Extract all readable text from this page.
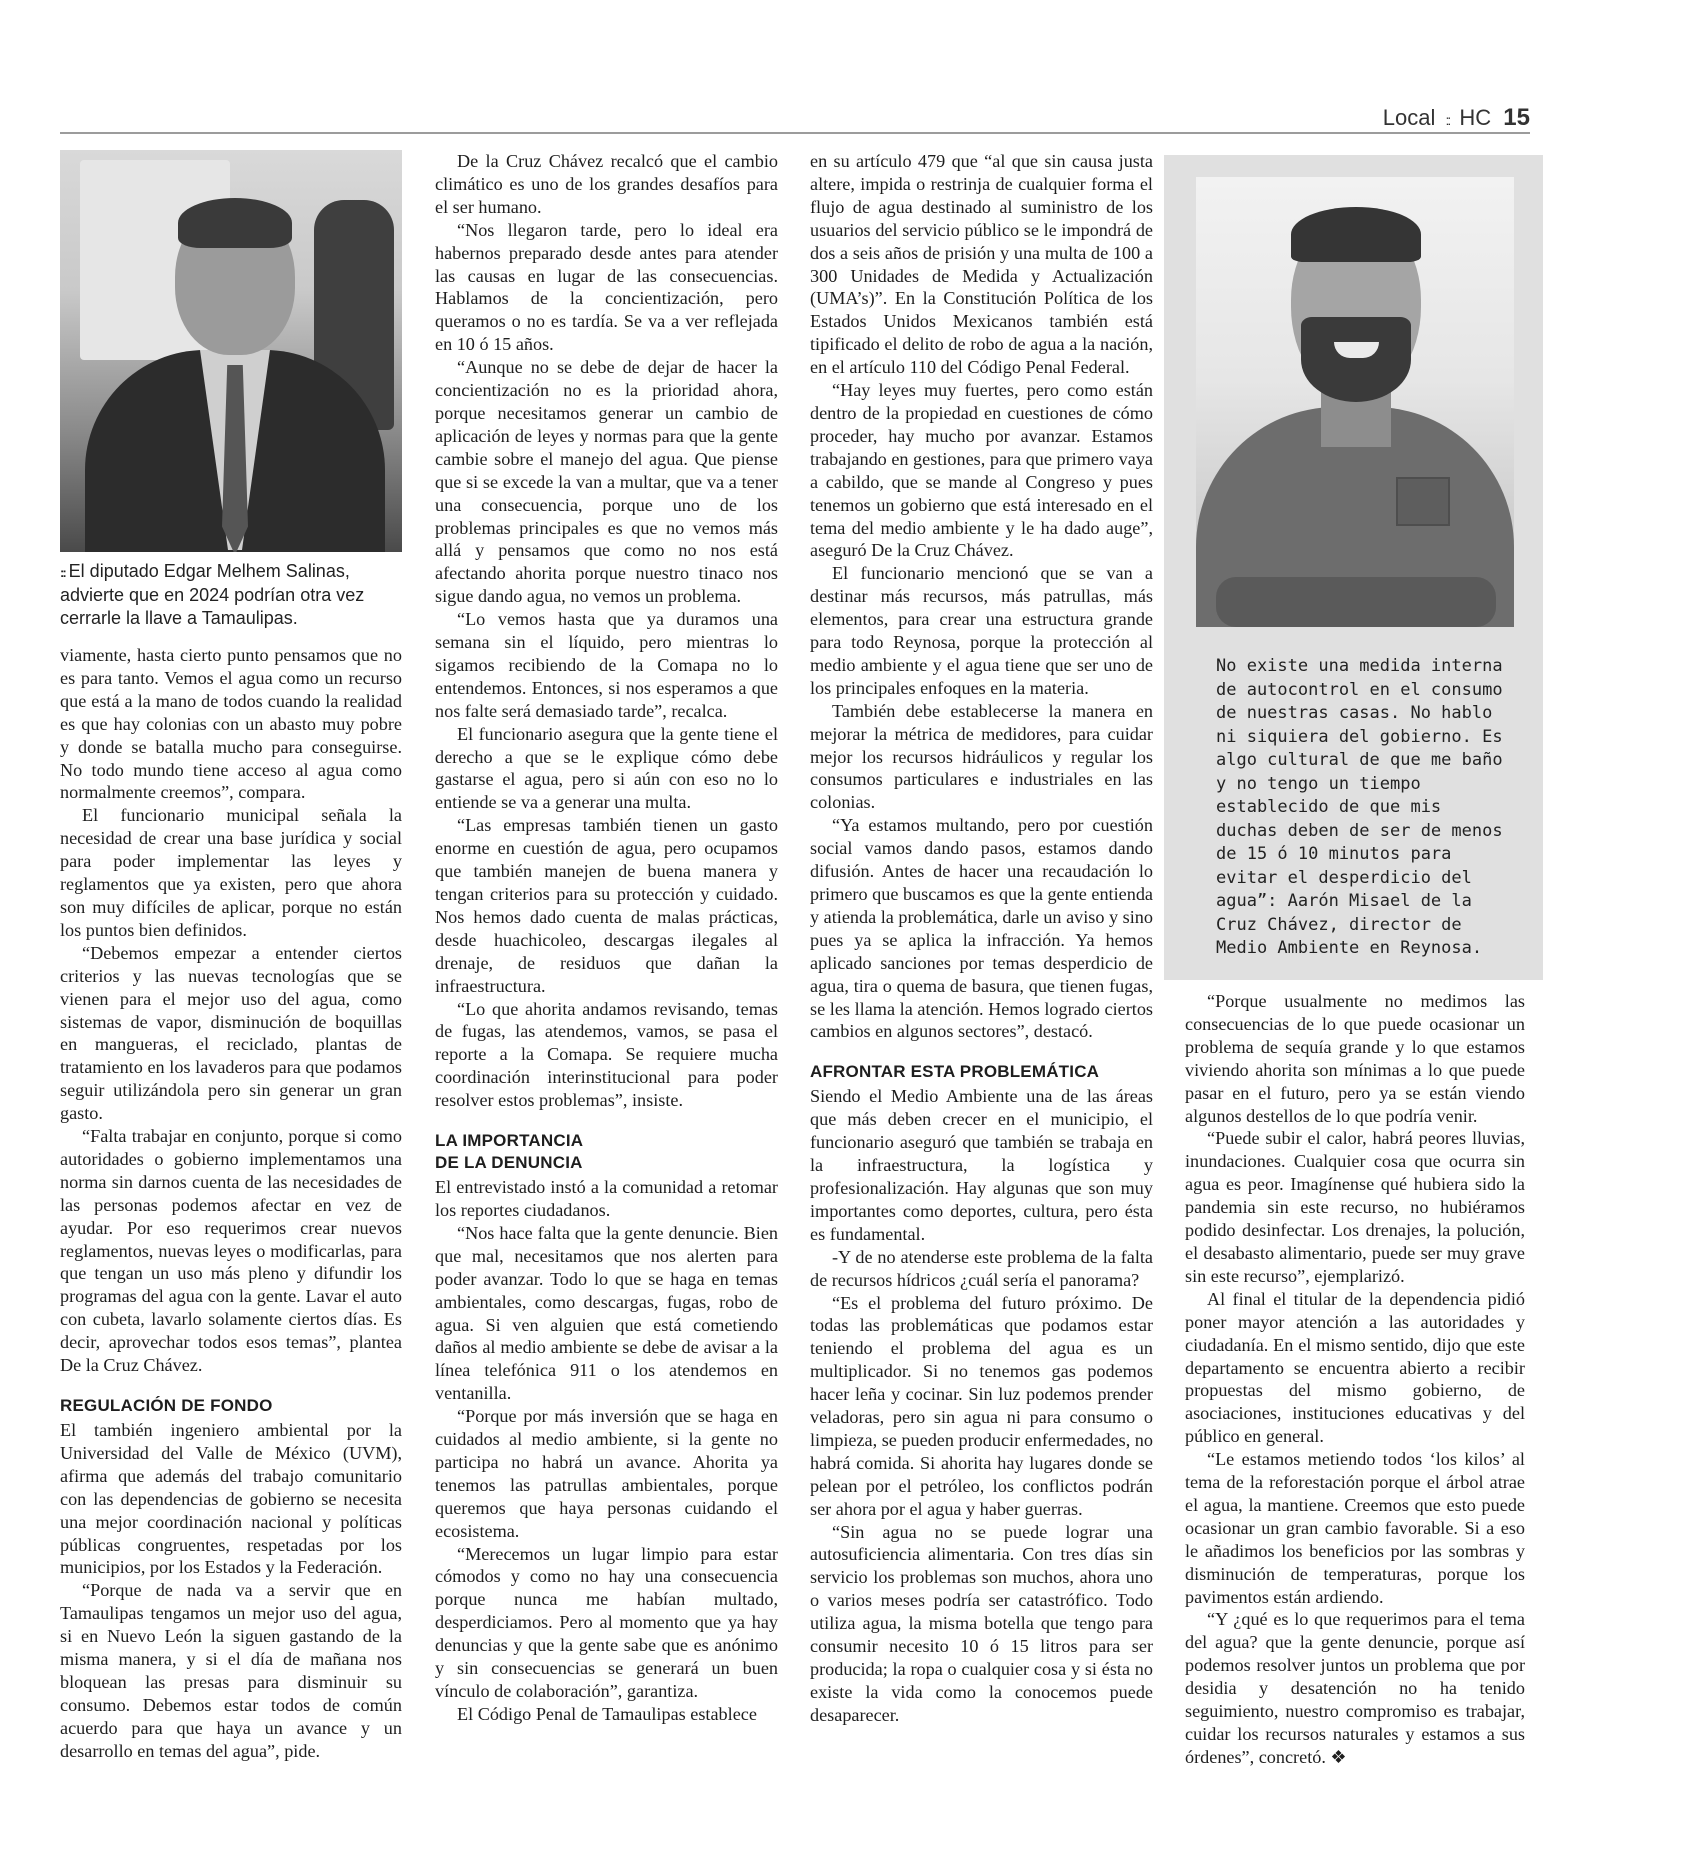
Local :: HC 15
:: El diputado Edgar Melhem Salinas, advierte que en 2024 podrían otra vez cerrarle la llave a Tamaulipas.

viamente, hasta cierto punto pensamos que no es para tanto. Vemos el agua como un recurso que está a la mano de todos cuando la realidad es que hay colonias con un abasto muy pobre y donde se batalla mucho para conseguirse. No todo mundo tiene acceso al agua como normalmente creemos”, compara.

El funcionario municipal señala la necesidad de crear una base jurídica y social para poder implementar las leyes y reglamentos que ya existen, pero que ahora son muy difíciles de aplicar, porque no están los puntos bien definidos.

“Debemos empezar a entender ciertos criterios y las nuevas tecnologías que se vienen para el mejor uso del agua, como sistemas de vapor, disminución de boquillas en mangueras, el reciclado, plantas de tratamiento en los lavaderos para que podamos seguir utilizándola pero sin generar un gran gasto.

“Falta trabajar en conjunto, porque si como autoridades o gobierno implementamos una norma sin darnos cuenta de las necesidades de las personas podemos afectar en vez de ayudar. Por eso requerimos crear nuevos reglamentos, nuevas leyes o modificarlas, para que tengan un uso más pleno y difundir los programas del agua con la gente. Lavar el auto con cubeta, lavarlo solamente ciertos días. Es decir, aprovechar todos esos temas”, plantea De la Cruz Chávez.

REGULACIÓN DE FONDO

El también ingeniero ambiental por la Universidad del Valle de México (UVM), afirma que además del trabajo comunitario con las dependencias de gobierno se necesita una mejor coordinación nacional y políticas públicas congruentes, respetadas por los municipios, por los Estados y la Federación.

“Porque de nada va a servir que en Tamaulipas tengamos un mejor uso del agua, si en Nuevo León la siguen gastando de la misma manera, y si el día de mañana nos bloquean las presas para disminuir su consumo. Debemos estar todos de común acuerdo para que haya un avance y un desarrollo en temas del agua”, pide.

De la Cruz Chávez recalcó que el cambio climático es uno de los grandes desafíos para el ser humano.

“Nos llegaron tarde, pero lo ideal era habernos preparado desde antes para atender las causas en lugar de las consecuencias. Hablamos de la concientización, pero queramos o no es tardía. Se va a ver reflejada en 10 ó 15 años.

“Aunque no se debe de dejar de hacer la concientización no es la prioridad ahora, porque necesitamos generar un cambio de aplicación de leyes y normas para que la gente cambie sobre el manejo del agua. Que piense que si se excede la van a multar, que va a tener una consecuencia, porque uno de los problemas principales es que no vemos más allá y pensamos que como no nos está afectando ahorita porque nuestro tinaco nos sigue dando agua, no vemos un problema.

“Lo vemos hasta que ya duramos una semana sin el líquido, pero mientras lo sigamos recibiendo de la Comapa no lo entendemos. Entonces, si nos esperamos a que nos falte será demasiado tarde”, recalca.

El funcionario asegura que la gente tiene el derecho a que se le explique cómo debe gastarse el agua, pero si aún con eso no lo entiende se va a generar una multa.

“Las empresas también tienen un gasto enorme en cuestión de agua, pero ocupamos que también manejen de buena manera y tengan criterios para su protección y cuidado. Nos hemos dado cuenta de malas prácticas, desde huachicoleo, descargas ilegales al drenaje, de residuos que dañan la infraestructura.

“Lo que ahorita andamos revisando, temas de fugas, las atendemos, vamos, se pasa el reporte a la Comapa. Se requiere mucha coordinación interinstitucional para poder resolver estos problemas”, insiste.

LA IMPORTANCIA
DE LA DENUNCIA

El entrevistado instó a la comunidad a retomar los reportes ciudadanos.

“Nos hace falta que la gente denuncie. Bien que mal, necesitamos que nos alerten para poder avanzar. Todo lo que se haga en temas ambientales, como descargas, fugas, robo de agua. Si ven alguien que está cometiendo daños al medio ambiente se debe de avisar a la línea telefónica 911 o los atendemos en ventanilla.

“Porque por más inversión que se haga en cuidados al medio ambiente, si la gente no participa no habrá un avance. Ahorita ya tenemos las patrullas ambientales, porque queremos que haya personas cuidando el ecosistema.

“Merecemos un lugar limpio para estar cómodos y como no hay una consecuencia porque nunca me habían multado, desperdiciamos. Pero al momento que ya hay denuncias y que la gente sabe que es anónimo y sin consecuencias se generará un buen vínculo de colaboración”, garantiza.

El Código Penal de Tamaulipas establece

en su artículo 479 que “al que sin causa justa altere, impida o restrinja de cualquier forma el flujo de agua destinado al suministro de los usuarios del servicio público se le impondrá de dos a seis años de prisión y una multa de 100 a 300 Unidades de Medida y Actualización (UMA’s)”. En la Constitución Política de los Estados Unidos Mexicanos también está tipificado el delito de robo de agua a la nación, en el artículo 110 del Código Penal Federal.

“Hay leyes muy fuertes, pero como están dentro de la propiedad en cuestiones de cómo proceder, hay mucho por avanzar. Estamos trabajando en gestiones, para que primero vaya a cabildo, que se mande al Congreso y pues tenemos un gobierno que está interesado en el tema del medio ambiente y le ha dado auge”, aseguró De la Cruz Chávez.

El funcionario mencionó que se van a destinar más recursos, más patrullas, más elementos, para crear una estructura grande para todo Reynosa, porque la protección al medio ambiente y el agua tiene que ser uno de los principales enfoques en la materia.

También debe establecerse la manera en mejorar la métrica de medidores, para cuidar mejor los recursos hidráulicos y regular los consumos particulares e industriales en las colonias.

“Ya estamos multando, pero por cuestión social vamos dando pasos, estamos dando difusión. Antes de hacer una recaudación lo primero que buscamos es que la gente entienda y atienda la problemática, darle un aviso y sino pues ya se aplica la infracción. Ya hemos aplicado sanciones por temas desperdicio de agua, tira o quema de basura, que tienen fugas, se les llama la atención. Hemos logrado ciertos cambios en algunos sectores”, destacó.

AFRONTAR ESTA PROBLEMÁTICA

Siendo el Medio Ambiente una de las áreas que más deben crecer en el municipio, el funcionario aseguró que también se trabaja en la infraestructura, la logística y profesionalización. Hay algunas que son muy importantes como deportes, cultura, pero ésta es fundamental.

-Y de no atenderse este problema de la falta de recursos hídricos ¿cuál sería el panorama?

“Es el problema del futuro próximo. De todas las problemáticas que podamos estar teniendo el problema del agua es un multiplicador. Si no tenemos gas podemos hacer leña y cocinar. Sin luz podemos prender veladoras, pero sin agua ni para consumo o limpieza, se pueden producir enfermedades, no habrá comida. Si ahorita hay lugares donde se pelean por el petróleo, los conflictos podrán ser ahora por el agua y haber guerras.

“Sin agua no se puede lograr una autosuficiencia alimentaria. Con tres días sin servicio los problemas son muchos, ahora uno o varios meses podría ser catastrófico. Todo utiliza agua, la misma botella que tengo para consumir necesito 10 ó 15 litros para ser producida; la ropa o cualquier cosa y si ésta no existe la vida como la conocemos puede desaparecer.

No existe una medida interna de autocontrol en el consumo de nuestras casas. No hablo ni siquiera del gobierno. Es algo cultural de que me baño y no tengo un tiempo establecido de que mis duchas deben de ser de menos de 15 ó 10 minutos para evitar el desperdicio del agua”: Aarón Misael de la Cruz Chávez, director de Medio Ambiente en Reynosa.

“Porque usualmente no medimos las consecuencias de lo que puede ocasionar un problema de sequía grande y lo que estamos viviendo ahorita son mínimas a lo que puede pasar en el futuro, pero ya se están viendo algunos destellos de lo que podría venir.

“Puede subir el calor, habrá peores lluvias, inundaciones. Cualquier cosa que ocurra sin agua es peor. Imagínense qué hubiera sido la pandemia sin este recurso, no hubiéramos podido desinfectar. Los drenajes, la polución, el desabasto alimentario, puede ser muy grave sin este recurso”, ejemplarizó.

Al final el titular de la dependencia pidió poner mayor atención a las autoridades y ciudadanía. En el mismo sentido, dijo que este departamento se encuentra abierto a recibir propuestas del mismo gobierno, de asociaciones, instituciones educativas y del público en general.

“Le estamos metiendo todos ‘los kilos’ al tema de la reforestación porque el árbol atrae el agua, la mantiene. Creemos que esto puede ocasionar un gran cambio favorable. Si a eso le añadimos los beneficios por las sombras y disminución de temperaturas, porque los pavimentos están ardiendo.

“Y ¿qué es lo que requerimos para el tema del agua? que la gente denuncie, porque así podemos resolver juntos un problema que por desidia y desatención no ha tenido seguimiento, nuestro compromiso es trabajar, cuidar los recursos naturales y estamos a sus órdenes”, concretó. ❖
